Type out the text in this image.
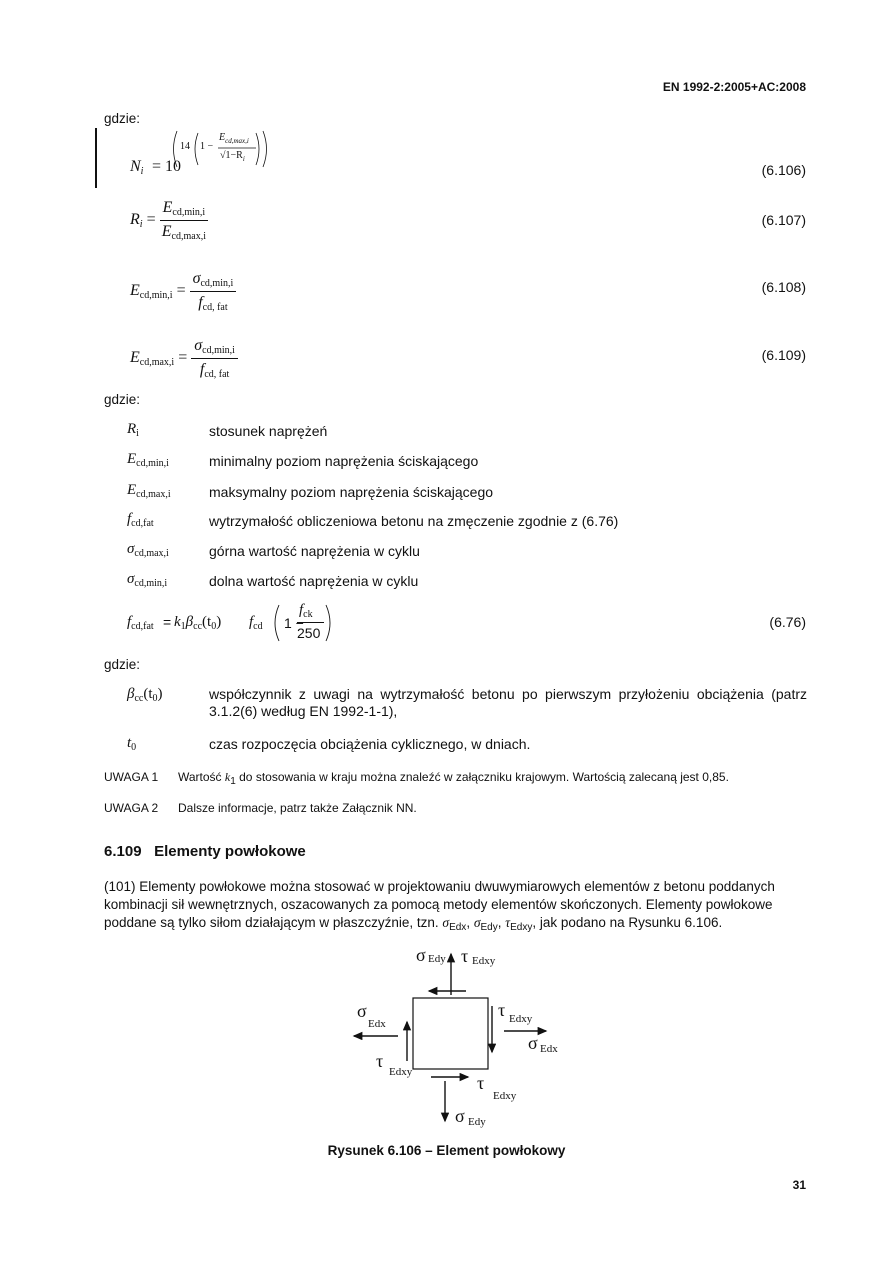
EN 1992-2:2005+AC:2008
gdzie:
$N_i = 10$
14 1 −
$E_{cd,max,i}$
$√1-R_i$
(6.106)
$R_i = \frac{E_{cd,min,i}}{E_{cd,max,i}}$	(6.107)
$E_{cd,min,i} = \frac{\sigma_{cd,min,i}}{f_{cd, fat}}$	(6.108)
$E_{cd,max,i} = \frac{\sigma_{cd,min,i}}{f_{cd, fat}}$	(6.109)
gdzie:
$R_i$	stosunek naprężeń
$E_{cd,min,i}$	minimalny poziom naprężenia ściskającego
$E_{cd,max,i}$	maksymalny poziom naprężenia ściskającego
$f_{cd,fat}$	wytrzymałość obliczeniowa betonu na zmęczenie zgodnie z (6.76)
$\sigma_{cd,max,i}$	górna wartość naprężenia w cyklu
$\sigma_{cd,min,i}$	dolna wartość naprężenia w cyklu
$f_{cd,fat} = k_1\beta_{cc}(t_0)$ $f_{cd}$ 1 −
$f_{ck}$
250
(6.76)
gdzie:
$\beta_{cc}(t_0)$	współczynnik z uwagi na wytrzymałość betonu po pierwszym przyłożeniu obciążenia (patrz 3.1.2(6) według EN 1992-1-1),
$t_0$	czas rozpoczęcia obciążenia cyklicznego, w dniach.
UWAGA 1 Wartość $k_1$ do stosowania w kraju można znaleźć w załączniku krajowym. Wartością zalecaną jest 0,85.
UWAGA 2 Dalsze informacje, patrz także Załącznik NN.
6.109 Elementy powłokowe
(101) Elementy powłokowe można stosować w projektowaniu dwuwymiarowych elementów z betonu poddanych kombinacji sił wewnętrznych, oszacowanych za pomocą metody elementów skończonych. Elementy powłokowe poddane są tylko siłom działającym w płaszczyźnie, tzn. $\sigma_{Edx}$, $\sigma_{Edy}$, $\tau_{Edxy}$, jak podano na Rysunku 6.106.
σ Edy τ Edxy
σ
Edx
τ Edxy
σ Edx
τ
Edxy
τ
Edxy
σ Edy
Rysunek 6.106 – Element powłokowy
31
